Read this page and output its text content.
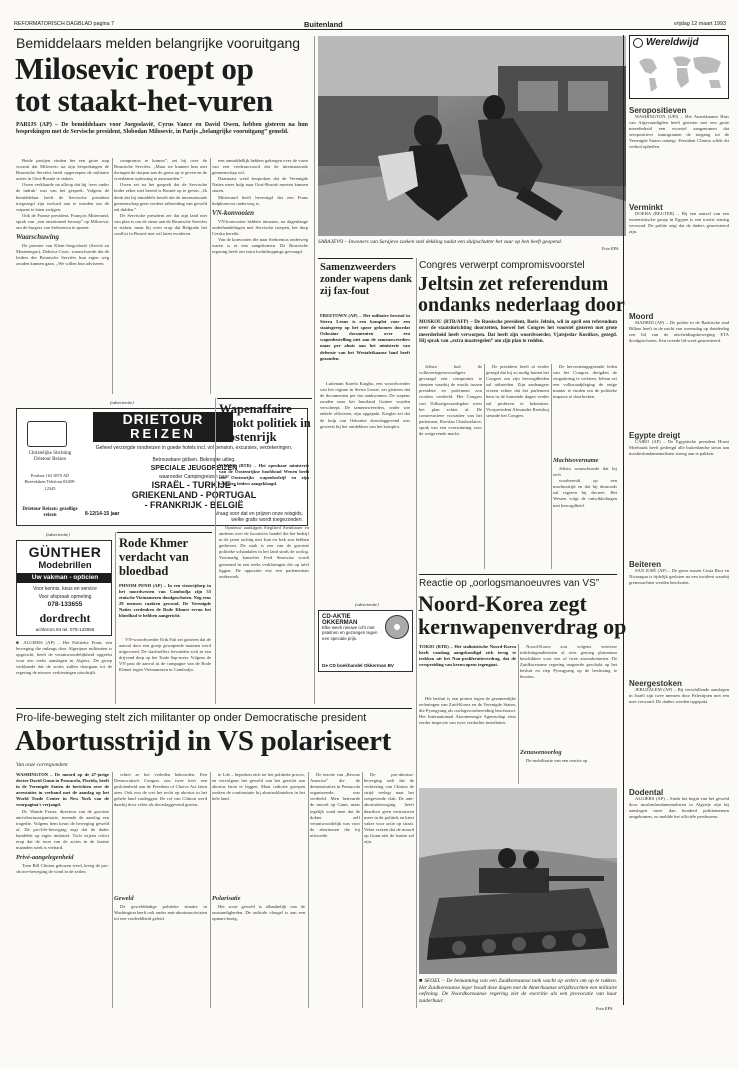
REFORMATORISCH DAGBLAD pagina 7	Buitenland	vrijdag 12 maart 1993
Bemiddelaars melden belangrijke vooruitgang
Milosevic roept op
tot staakt-het-vuren
PARIJS (AP) – De bemiddelaars voor Joegoslavië, Cyrus Vance en David Owen, hebben gisteren na hun besprekingen met de Servische president, Slobodan Milosevic, in Parijs „belangrijke vooruitgang” gemeld.

Beide partijen vinden het een grote stap vooruit dat Milosevic na zijn besprekingen de Bosnische Serviërs heeft opgeroepen de militaire acties in Oost-Bosnië te staken.

Owen verklaarde na afloop dat hij ‘zeer onder de indruk’ was van het gesprek. Volgens de bemiddelaar heeft de Servische president toegezegd zijn invloed aan te wenden om de wapens te laten zwijgen.

Ook de Franse president, François Mitterrand, sprak van „een emotioneel beroep” op Milosevic om de burgers van Srebrenica te sparen.

Waarschuwing

De premier van Klein-Joegoslavië (Servië en Montenegro), Dobrica Cosic, waarschuwde dat de leiders der Bosnische Serviërs hun eigen weg zouden kunnen gaan. „We willen hun adviseren

compromis te komen”, zei hij over de Bosnische Serviërs. „Maar we kunnen hun niet dwingen de dorpen aan de grens op te geven en de vreedzame oplossing te aanvaarden.”

Owen zei na het gesprek dat de Servische leider zeker niet bereid is Bosnië op te geven. „Ik denk dat hij inmiddels beseft dat de internationale gemeenschap geen verdere uitbreiding van geweld zal dulden.”

De Servische president zei dat zijn land niet van plan is om de steun aan de Bosnische Serviërs te staken, maar hij wees erop dat Belgrado het conflict in Bosnië niet wil laten escaleren.

een onmiddellijk hebben gekregen over de vorm van een vredesaccoord dat de internationale gemeenschap wil.

Daarnaast werd besproken dat de Verenigde Naties meer hulp naar Oost-Bosnië moeten kunnen sturen.

Mitterrand heeft bevestigd dat een Frans hulpkonvooi onderweg is.

VN-konvooien

VN-konvooien hebben intussen, na dagenlange onderhandelingen met Servische troepen, het dorp Cerska bereikt.

Van de konvooien die naar Srebrenica onderweg waren is er een aangekomen. De Bosnische regering heeft om extra luchtdroppings gevraagd.

SARAJEVO – Inwoners van Sarajevo zoeken snel dekking nadat een sluipschutter het vuur op hen heeft geopend.
Foto EPA
Wereldwijd
Seropositieven

WASHINGTON (UPI) – Het Amerikaanse Huis van Afgevaardigden heeft gisteren met een grote meerderheid een voorstel aangenomen dat seropositieve immigranten de toegang tot de Verenigde Staten ontzegt. President Clinton wilde dit verbod opheffen.

Verminkt

DOEHA (REUTER) – Bij een aanval van een extremistische groep in Egypte is een toerist ernstig verwond. De politie zegt dat de daders gearresteerd zijn.

Moord

MADRID (AP) – De politie in de Baskische stad Bilbao heeft in de nacht van woensdag op donderdag een lid van de afscheidingsbeweging ETA doodgeschoten. Een tweede lid werd gearresteerd.

Egypte dreigt

CAIRO (AP) – De Egyptische president Hosni Moebarak heeft gedreigd alle buitenlandse steun aan moslimfundamentalisten streng aan te pakken.

Beiteren

SAN JOSÉ (AP) – De grens tussen Costa Rica en Nicaragua is tijdelijk gesloten na een incident waarbij grenswachten werden beschoten.

Neergestoken

JERUZALEM (AP) – Bij verschillende aanslagen in Israël zijn twee mensen door Palestijnen met een mes verwond. De daders werden opgepakt.

Dodental

ALGIERS (AP) – Sinds het begin van het geweld door moslimfundamentalisten in Algerije zijn bij aanslagen meer dan honderd politiemensen omgekomen, zo meldde het officiële persbureau.

Samenzweerders zonder wapens dank zij fax-fout
FREETOWN (AP) – Het militaire bewind in Sierra Leone is een komplot voor een staatsgreep op het spoor gekomen doordat Oekraïne documenten over een wapenbestelling niet aan de samenzweerders maar per abuis aan het ministerie van defensie van het Westafrikaanse land heeft gezonden.
Luitenant Karefa Kargbo, een woordvoerder van het regime in Sierra Leone, zei gisteren dat de documenten per fax aankwamen. De wapens zouden naar het buurland Guinee worden verscheept. De samenzweerders, onder wie enkele officieren, zijn opgepakt. Kargbo zei dat de hulp van Oekraïne doorslaggevend was geweest bij het ontdekken van het komplot.
Congres verwerpt compromisvoorstel
Jeltsin zet referendum
ondanks nederlaag door
MOSKOU (RTR/AFP) – De Russische president, Boris Jeltsin, wil in april een referendum over de staatsinrichting doorzetten, hoewel het Congres het voorstel gisteren met grote meerderheid heeft verworpen. Dat heeft zijn woordvoerder, Vjatsjeslav Kostikov, gezegd. Hij sprak van „extra maatregelen” om zijn plan te redden.
Jeltsin had de volksvertegenwoordigers gevraagd een compromis te steunen waarbij de macht tussen president en parlement zou worden verdeeld. Het Congres van Volksafgevaardigden wees het plan echter af. De conservatieve voorzitter van het parlement, Roeslan Chasboelatov, sprak van een overwinning voor de wetgevende macht.
De president heeft al eerder gezegd dat hij zo nodig buiten het Congres om zijn bevoegdheden zal uitbreiden. Zijn aanhangers vrezen echter dat het parlement hem in de komende dagen verder zal proberen te beknotten. Vicepresident Alexander Roetskoj steunde het Congres.

De hervormingsgezinde leden van het Congres dreigden de vergadering te verlaten. Jeltsin zei een volksraadpleging de enige manier te vinden om de politieke impasse te doorbreken.

Machtsovername

Jeltsin waarschuwde dat hij zich

voorbereidt op een machtsstrijd en dat hij desnoods zal regeren bij decreet. Het Westen volgt de ontwikkelingen met bezorgdheid.

(advertentie)
DRIETOUR
REIZEN
Christelijke Stichting Drietour Reizen
Postbus 163 3870 AD Hoevelaken Telefoon 03499-12345
Drietour Reizen: gezellige reizen
Geheel verzorgde rondreizen in goede hotels incl. vol pension, excursies, verzekeringen.
Betrouwbare gidsen. Beknopte uitleg.
SPECIALE JEUGDREIZEN
waaronder Campingreizen naar
ISRAËL - TURKIJE -
GRIEKENLAND - PORTUGAL
- FRANKRIJK - BELGIË
8-12/14-15 jaar	Vraag voor dat en prijzen onze reisgids,
welke gratis wordt toegezonden.
(advertentie)
GÜNTHER
Modebrillen
Uw vakman - opticien
Voor kennis, keus en service
Voor afspraak opmeting
078-133655
dordrecht
achterom 94 tel. 078-133655
■ ALGIERS (AP) – Het Politieke Front, een beweging die onlangs door Algerijnse militanten is opgericht, heeft de verantwoordelijkheid opgeëist voor een reeks aanslagen in Algiers. De groep verklaarde dat de acties zullen doorgaan tot de regering de nieuwe verkiezingen uitschrijft.
Rode Khmer verdacht van bloedbad
PHNOM PENH (AP) – In een visserijdorp in het noordwesten van Cambodja zijn 33 etnische Vietnamezen doodgeschoten. Nog eens 29 mensen raakten gewond. De Verenigde Naties verdenken de Rode Khmer ervan het bloedbad te hebben aangericht.
VN-woordvoerder Erik Falt zei gisteren dat de aanval door een groep gewapende mannen werd uitgevoerd. De slachtoffers bevonden zich in een drijvend dorp op het Tonle Sap-meer. Volgens de VN past de aanval in de campagne van de Rode Khmer tegen Vietnamezen in Cambodja.
Wapenaffaire schokt politiek in Oostenrijk
WENEN (RTR) – Het openbaar ministerie van de Oostenrijkse hoofdstad Wenen heeft een Oostenrijks wapenbedrijf en zijn vroegere leiders aangeklaagd.
Opnieuw aankijgen Siegfried Steinbauer en anderen over de lucratieve handel die het bedrijf in de jaren tachtig met Iran en Irak zou hebben gedreven. De zaak is een van de grootste politieke schandalen in het land sinds de oorlog. Voormalig kanselier Fred Sinowatz wordt genoemd in een reeks verklaringen die op tafel liggen. De oppositie eist een parlementair onderzoek.
(advertentie)
CD-AKTIE OKKERMAN
Elke week nieuwe cd's met psalmen en gezangen tegen een speciale prijs.
De CD boekhandel Okkerman BV
Reactie op „oorlogsmanoeuvres van VS”
Noord-Korea zegt
kernwapenverdrag op
TOKIO (RTR) – Het stalinistische Noord-Korea heeft vandaag aangekondigd zich terug te trekken uit het Non-proliferatieverdrag, dat de verspreiding van kernwapens tegengaat.
Het besluit is een protest tegen de gezamenlijke oefeningen van Zuid-Korea en de Verenigde Staten, die Pyongyang als oorlogsvoorbereiding beschouwt. Het Internationaal Atoomenergie Agentschap eiste eerder inspectie van twee verdachte installaties.

Noord-Korea zou volgens westerse inlichtingendiensten al over genoeg plutonium beschikken voor een of twee atoombommen. De Zuidkoreaanse regering reageerde geschokt op het besluit en riep Pyongyang op de beslissing te herzien.

Zenuwenoorlog

De mobilisatie van een reactie op

Pro-life-beweging stelt zich militanter op onder Democratische president
Abortusstrijd in VS polariseert
Van onze correspondent

WASHINGTON – De moord op de 47-jarige doctor David Gunn in Pensacola, Florida, heeft in de Verenigde Staten de berichten over de arrestaties in verband met de aanslag op het World Trade Center in New York van de voorpagina's verjaagd.

Dr. Wande Fraser, directeur van de grootste anti-abortusorganisatie, noemde de aanslag een tragedie. Volgens hem keurt de beweging geweld af. De pro-life-beweging zegt dat de dader handelde op eigen initiatief. Toch wijzen critici erop dat de toon van de acties in de laatste maanden sterk is verhard.

Privé-aangelegenheid

Toen Bill Clinton gekozen werd, kreeg de pro-choice-beweging de wind in de zeilen.

schiet ze het verleden behoorden. Een Democratisch Congres zou twee keer een geslotenheid aan de Freedom of Choice Act laten zien. Ook zou de wet het recht op abortus in het gehele land vastleggen. De rol van Clinton werd daarbij door velen als doorslaggevend gezien.

Geweld

De gewelddadige politieke situatie in Washington heeft ook onder anti-abortusactivisten tot een verdeeldheid geleid.

te Life – beperken zich tot het politieke proces, en vervolgens het geweld van het gerecht aan abortus laten te leggen. Maar radicale groepen zoeken de confrontatie bij abortusklinieken in het hele land.

Polarisatie

Het soort geweld is afhankelijk van de omstandigheden. De radicale vleugel is aan een opmars bezig.

De reactie van „Rescue America” die de demonstraties in Pensacola organiseerde, was verdeeld. Men betreurde de moord op Gunn, maar tegelijk vond men dat de dokter zelf verantwoordelijk was voor de abortussen die hij uitvoerde.
De pro-abortus-beweging stelt dat de verkiezing van Clinton de strijd verlegt naar het wetgevende vlak. De anti-abortusbeweging heeft daardoor geen vertrouwen meer in de politiek en kiest vaker voor actie op straat. Velen vrezen dat de moord op Gunn niet de laatste zal zijn.
■ SEOEL – De bemanning van een Zuidkoreaanse tank wacht op orders om op te rukken. Het Zuidkoreaanse leger houdt deze dagen met de Amerikaanse strijdkrachten een militaire oefening. De Noordkoreaanse regering ziet de exercitie als een provocatie van haar zuiderbuur.
Foto EPA
